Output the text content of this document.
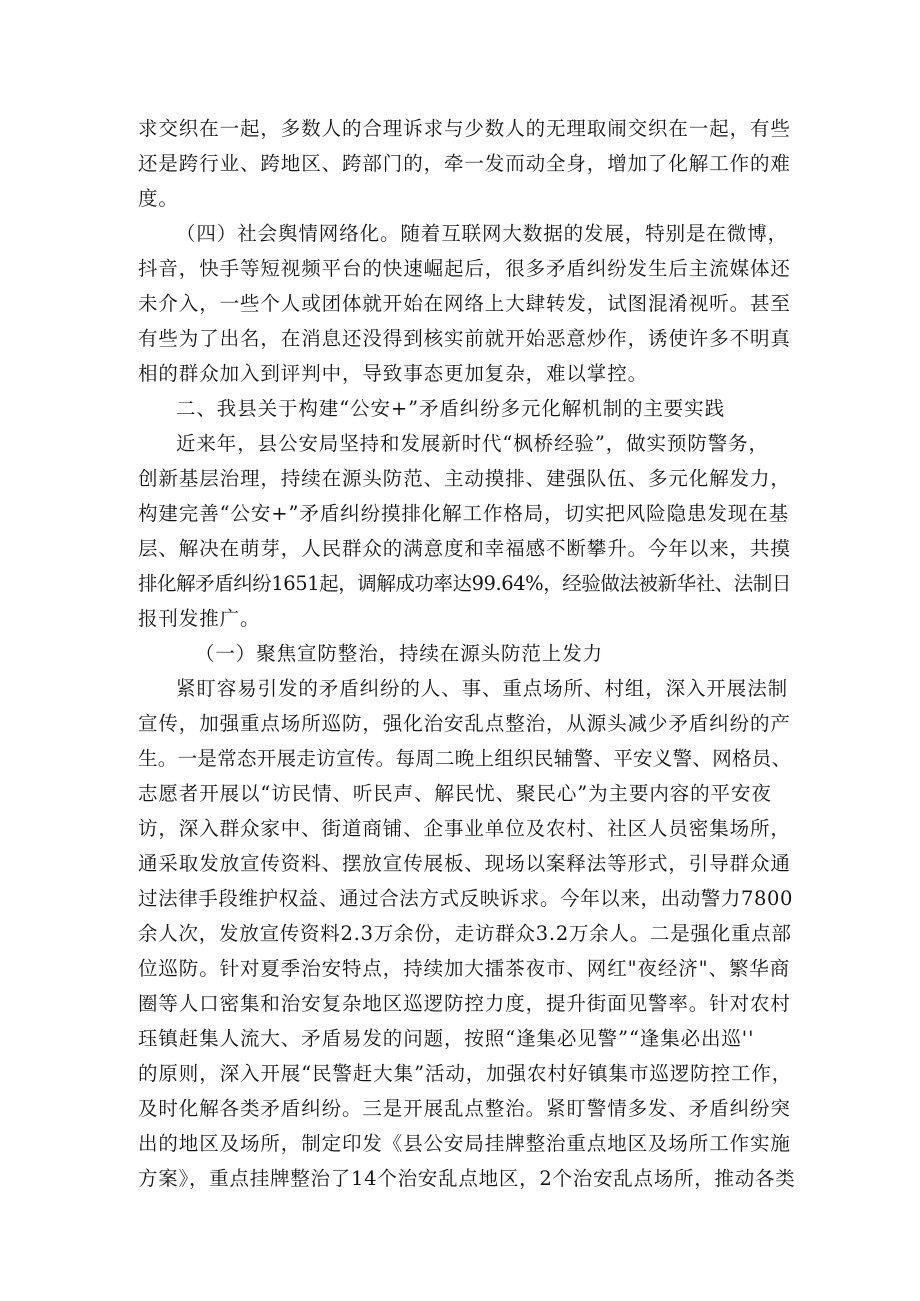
求交织在一起，多数人的合理诉求与少数人的无理取闹交织在一起，有些
还是跨行业、跨地区、跨部门的，牵一发而动全身，增加了化解工作的难
度。
（四）社会舆情网络化。随着互联网大数据的发展，特别是在微博，
抖音，快手等短视频平台的快速崛起后，很多矛盾纠纷发生后主流媒体还
未介入，一些个人或团体就开始在网络上大肆转发，试图混淆视听。甚至
有些为了出名，在消息还没得到核实前就开始恶意炒作，诱使许多不明真
相的群众加入到评判中，导致事态更加复杂，难以掌控。
二、我县关于构建“公安+”矛盾纠纷多元化解机制的主要实践
近来年，县公安局坚持和发展新时代“枫桥经验”，做实预防警务，
创新基层治理，持续在源头防范、主动摸排、建强队伍、多元化解发力，
构建完善“公安+”矛盾纠纷摸排化解工作格局，切实把风险隐患发现在基
层、解决在萌芽，人民群众的满意度和幸福感不断攀升。今年以来，共摸
排化解矛盾纠纷1651起，调解成功率达99.64%，经验做法被新华社、法制日
报刊发推广。
（一）聚焦宣防整治，持续在源头防范上发力
紧盯容易引发的矛盾纠纷的人、事、重点场所、村组，深入开展法制
宣传，加强重点场所巡防，强化治安乱点整治，从源头减少矛盾纠纷的产
生。一是常态开展走访宣传。每周二晚上组织民辅警、平安义警、网格员、
志愿者开展以“访民情、听民声、解民忧、聚民心”为主要内容的平安夜
访，深入群众家中、街道商铺、企事业单位及农村、社区人员密集场所，
通采取发放宣传资料、摆放宣传展板、现场以案释法等形式，引导群众通
过法律手段维护权益、通过合法方式反映诉求。今年以来，出动警力7800
余人次，发放宣传资料2.3万余份，走访群众3.2万余人。二是强化重点部
位巡防。针对夏季治安特点，持续加大擂茶夜市、网红"夜经济"、繁华商
圈等人口密集和治安复杂地区巡逻防控力度，提升街面见警率。针对农村
珏镇赶集人流大、矛盾易发的问题，按照“逢集必见警”“逢集必出巡''
的原则，深入开展“民警赶大集”活动，加强农村好镇集市巡逻防控工作，
及时化解各类矛盾纠纷。三是开展乱点整治。紧盯警情多发、矛盾纠纷突
出的地区及场所，制定印发《县公安局挂牌整治重点地区及场所工作实施
方案》，重点挂牌整治了14个治安乱点地区，2个治安乱点场所，推动各类
